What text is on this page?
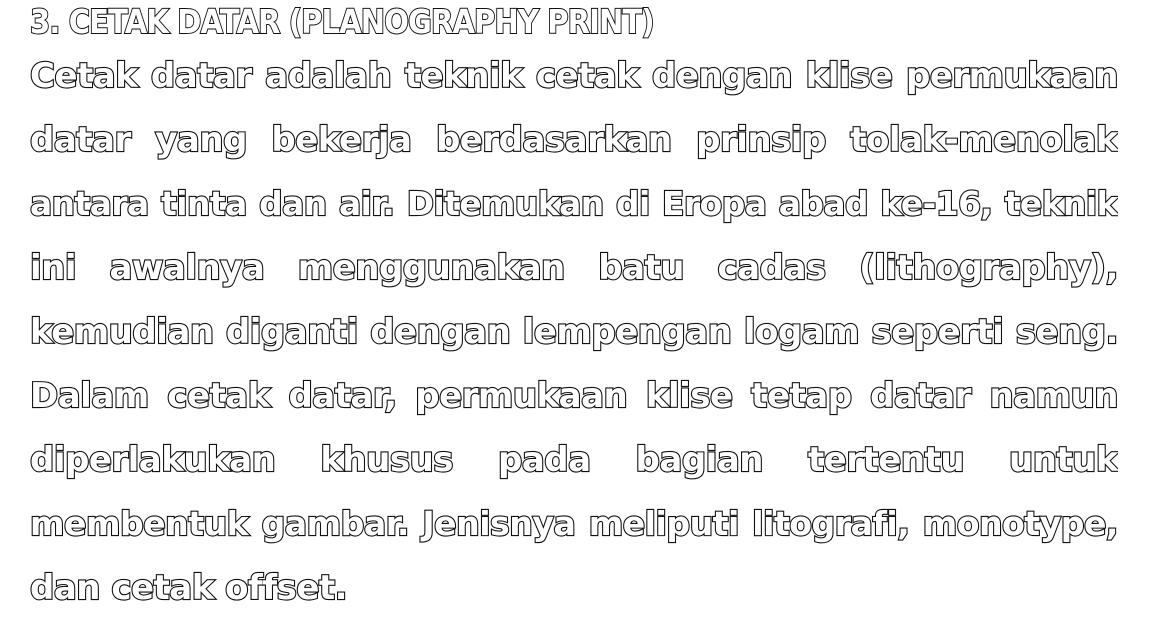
3. CETAK DATAR (PLANOGRAPHY PRINT)
Cetak datar adalah teknik cetak dengan klise permukaan
datar yang bekerja berdasarkan prinsip tolak-menolak
antara tinta dan air. Ditemukan di Eropa abad ke-16, teknik
ini awalnya menggunakan batu cadas (lithography),
kemudian diganti dengan lempengan logam seperti seng.
Dalam cetak datar, permukaan klise tetap datar namun
diperlakukan khusus pada bagian tertentu untuk
membentuk gambar. Jenisnya meliputi litografi, monotype,
dan cetak offset.
